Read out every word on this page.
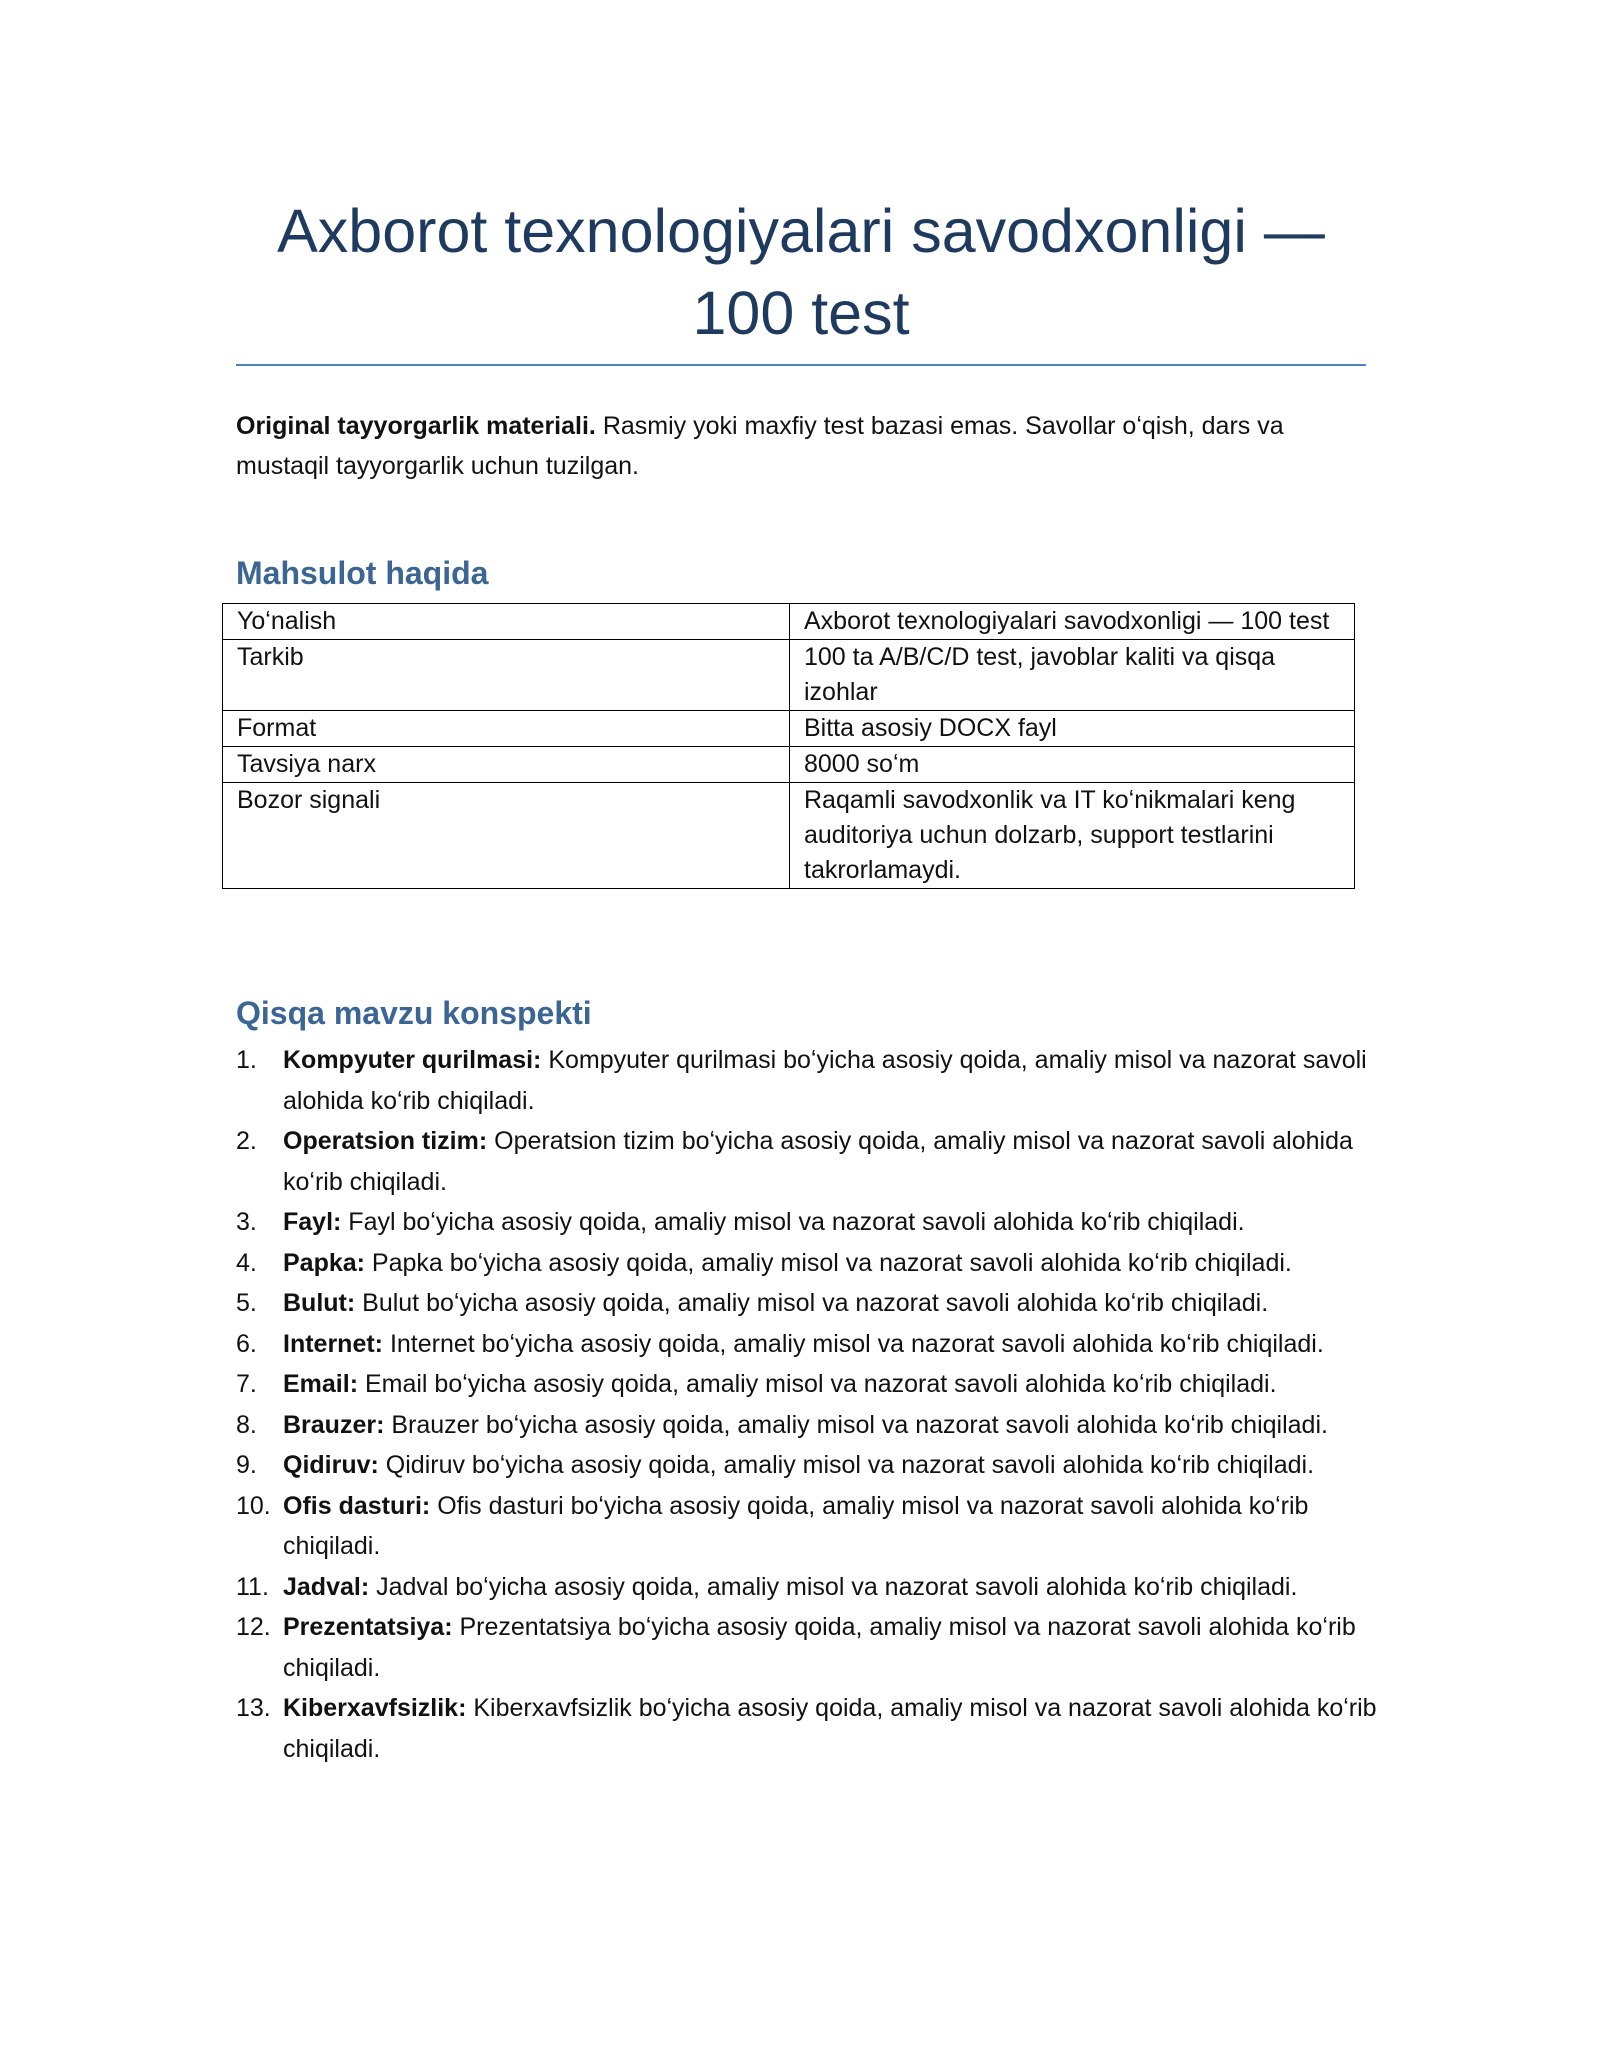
Axborot texnologiyalari savodxonligi — 100 test

Original tayyorgarlik materiali. Rasmiy yoki maxfiy test bazasi emas. Savollar oʻqish, dars va mustaqil tayyorgarlik uchun tuzilgan.

Mahsulot haqida
Yoʻnalish	Axborot texnologiyalari savodxonligi — 100 test
Tarkib	100 ta A/B/C/D test, javoblar kaliti va qisqa izohlar
Format	Bitta asosiy DOCX fayl
Tavsiya narx	8000 soʻm
Bozor signali	Raqamli savodxonlik va IT koʻnikmalari keng auditoriya uchun dolzarb, support testlarini takrorlamaydi.
Qisqa mavzu konspekti
1. Kompyuter qurilmasi: Kompyuter qurilmasi boʻyicha asosiy qoida, amaliy misol va nazorat savoli alohida koʻrib chiqiladi.
2. Operatsion tizim: Operatsion tizim boʻyicha asosiy qoida, amaliy misol va nazorat savoli alohida koʻrib chiqiladi.
3. Fayl: Fayl boʻyicha asosiy qoida, amaliy misol va nazorat savoli alohida koʻrib chiqiladi.
4. Papka: Papka boʻyicha asosiy qoida, amaliy misol va nazorat savoli alohida koʻrib chiqiladi.
5. Bulut: Bulut boʻyicha asosiy qoida, amaliy misol va nazorat savoli alohida koʻrib chiqiladi.
6. Internet: Internet boʻyicha asosiy qoida, amaliy misol va nazorat savoli alohida koʻrib chiqiladi.
7. Email: Email boʻyicha asosiy qoida, amaliy misol va nazorat savoli alohida koʻrib chiqiladi.
8. Brauzer: Brauzer boʻyicha asosiy qoida, amaliy misol va nazorat savoli alohida koʻrib chiqiladi.
9. Qidiruv: Qidiruv boʻyicha asosiy qoida, amaliy misol va nazorat savoli alohida koʻrib chiqiladi.
10. Ofis dasturi: Ofis dasturi boʻyicha asosiy qoida, amaliy misol va nazorat savoli alohida koʻrib chiqiladi.
11. Jadval: Jadval boʻyicha asosiy qoida, amaliy misol va nazorat savoli alohida koʻrib chiqiladi.
12. Prezentatsiya: Prezentatsiya boʻyicha asosiy qoida, amaliy misol va nazorat savoli alohida koʻrib chiqiladi.
13. Kiberxavfsizlik: Kiberxavfsizlik boʻyicha asosiy qoida, amaliy misol va nazorat savoli alohida koʻrib chiqiladi.
